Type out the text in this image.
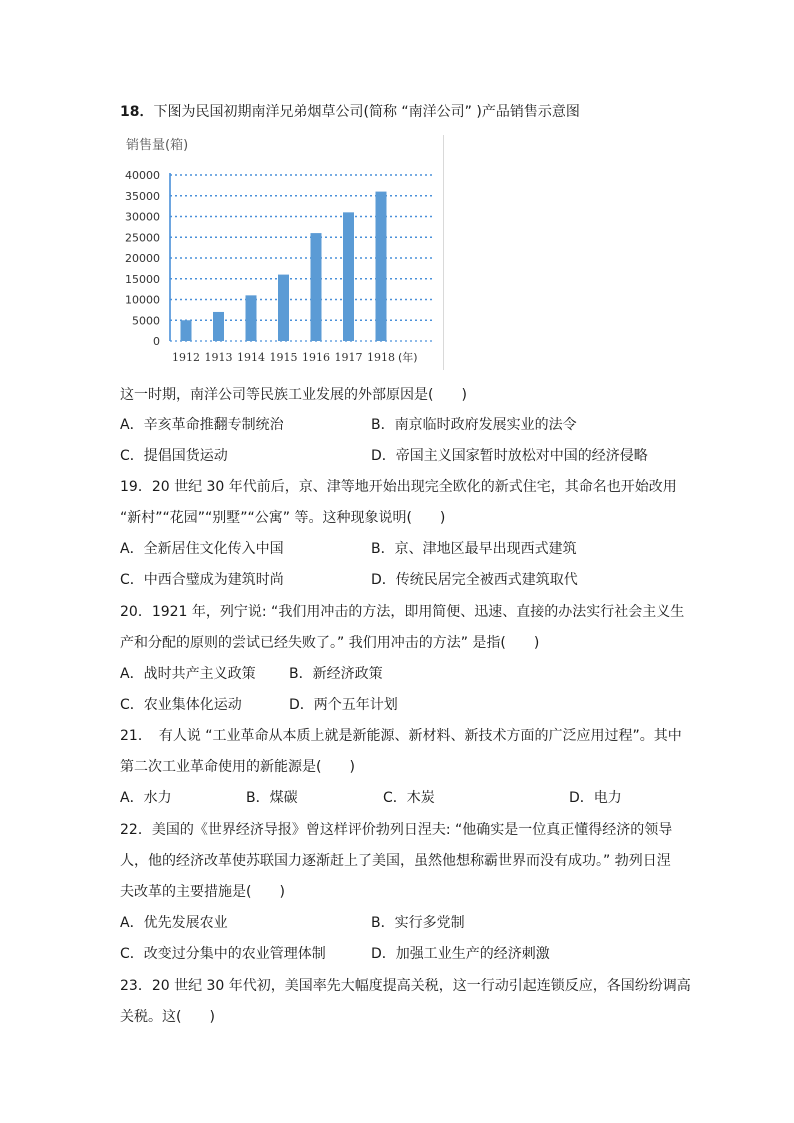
18．下图为民国初期南洋兄弟烟草公司(简称 “南洋公司” )产品销售示意图
销售量(箱)
0
5000
10000
15000
20000
25000
30000
35000
40000
1912 1913 1914 1915 1916 1917 1918 (年)
这一时期，南洋公司等民族工业发展的外部原因是(　　)
A．辛亥革命推翻专制统治	B．南京临时政府发展实业的法令
C．提倡国货运动	D．帝国主义国家暂时放松对中国的经济侵略
19．20 世纪 30 年代前后，京、津等地开始出现完全欧化的新式住宅，其命名也开始改用
“新村”“花园”“别墅”“公寓” 等。这种现象说明(　　)
A．全新居住文化传入中国	B．京、津地区最早出现西式建筑
C．中西合璧成为建筑时尚	D．传统民居完全被西式建筑取代
20．1921 年，列宁说: “我们用冲击的方法，即用简便、迅速、直接的办法实行社会主义生
产和分配的原则的尝试已经失败了。” 我们用冲击的方法” 是指(　　)
A．战时共产主义政策 B．新经济政策
C．农业集体化运动	D．两个五年计划
21．　有人说 “工业革命从本质上就是新能源、新材料、新技术方面的广泛应用过程”。其中
第二次工业革命使用的新能源是(　　)
A．水力	B．煤碳	C．木炭	D．电力
22．美国的《世界经济导报》曾这样评价勃列日涅夫: “他确实是一位真正懂得经济的领导
人，他的经济改革使苏联国力逐渐赶上了美国，虽然他想称霸世界而没有成功。” 勃列日涅
夫改革的主要措施是(　　)
A．优先发展农业	B．实行多党制
C．改变过分集中的农业管理体制	D．加强工业生产的经济刺激
23．20 世纪 30 年代初，美国率先大幅度提高关税，这一行动引起连锁反应，各国纷纷调高
关税。这(　　)
